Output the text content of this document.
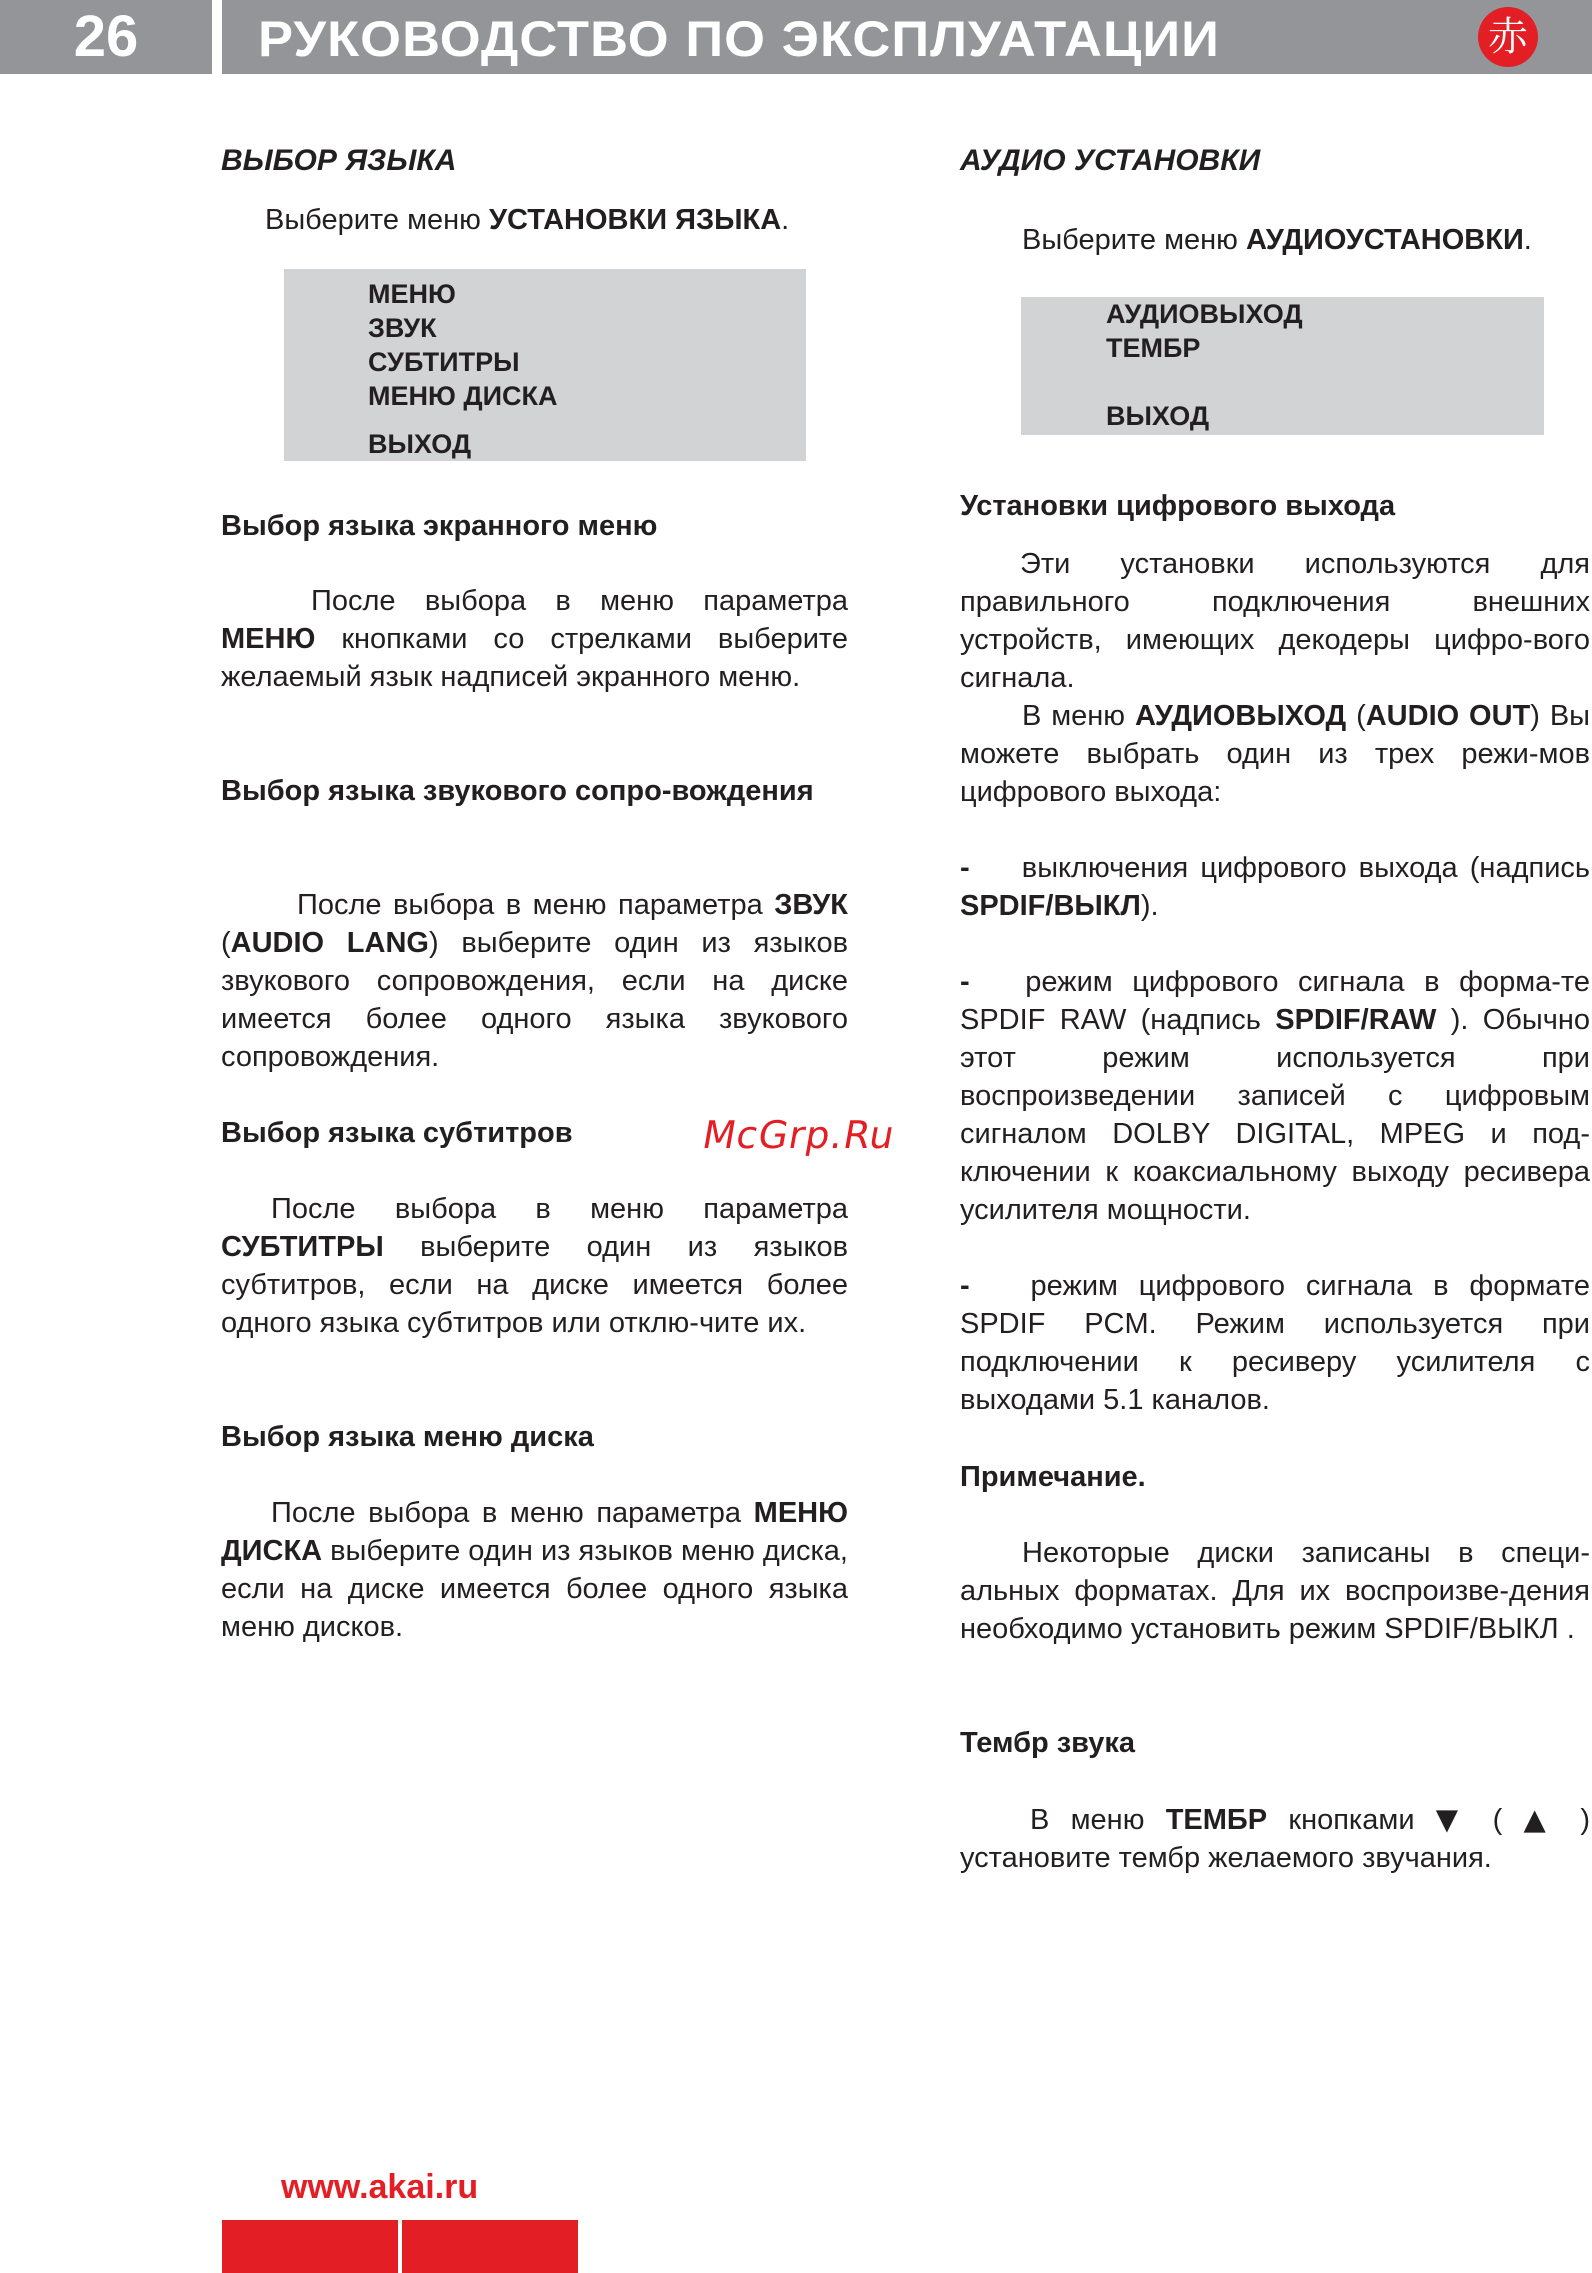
26	РУКОВОДСТВО ПО ЭКСПЛУАТАЦИИ	赤
ВЫБОР ЯЗЫКА
Выберите меню УСТАНОВКИ ЯЗЫКА.
МЕНЮ
ЗВУК
СУБТИТРЫ
МЕНЮ ДИСКА
ВЫХОД
Выбор языка экранного меню
После выбора в меню параметра МЕНЮ кнопками со стрелками выберите желаемый язык надписей экранного меню.
Выбор языка звукового сопро-вождения
После выбора в меню параметра ЗВУК (AUDIO LANG) выберите один из языков звукового сопровождения, если на диске имеется более одного языка звукового сопровождения.
Выбор языка субтитров
После выбора в меню параметра СУБТИТРЫ выберите один из языков субтитров, если на диске имеется более одного языка субтитров или отклю-чите их.
Выбор языка меню диска
После выбора в меню параметра МЕНЮ ДИСКА выберите один из языков меню диска, если на диске имеется более одного языка меню дисков.
McGrp.Ru
АУДИО УСТАНОВКИ
Выберите меню АУДИОУСТАНОВКИ.
АУДИОВЫХОД
ТЕМБР
ВЫХОД
Установки цифрового выхода
Эти установки используются для правильного подключения внешних устройств, имеющих декодеры цифро-вого сигнала.
В меню АУДИОВЫХОД (AUDIO OUT) Вы можете выбрать один из трех режи-мов цифрового выхода:
- выключения цифрового выхода (надпись SPDIF/ВЫКЛ).
- режим цифрового сигнала в форма-те SPDIF RAW (надпись SPDIF/RAW ). Обычно этот режим используется при воспроизведении записей с цифровым сигналом DOLBY DIGITAL, MPEG и под-ключении к коаксиальному выходу ресивера усилителя мощности.
- режим цифрового сигнала в формате SPDIF PCM. Режим используется при подключении к ресиверу усилителя с выходами 5.1 каналов.
Примечание.
Некоторые диски записаны в специ-альных форматах. Для их воспроизве-дения необходимо установить режим SPDIF/ВЫКЛ .
Тембр звука
В меню ТЕМБР кнопками ▼ ( ▲ ) установите тембр желаемого звучания.
www.akai.ru
